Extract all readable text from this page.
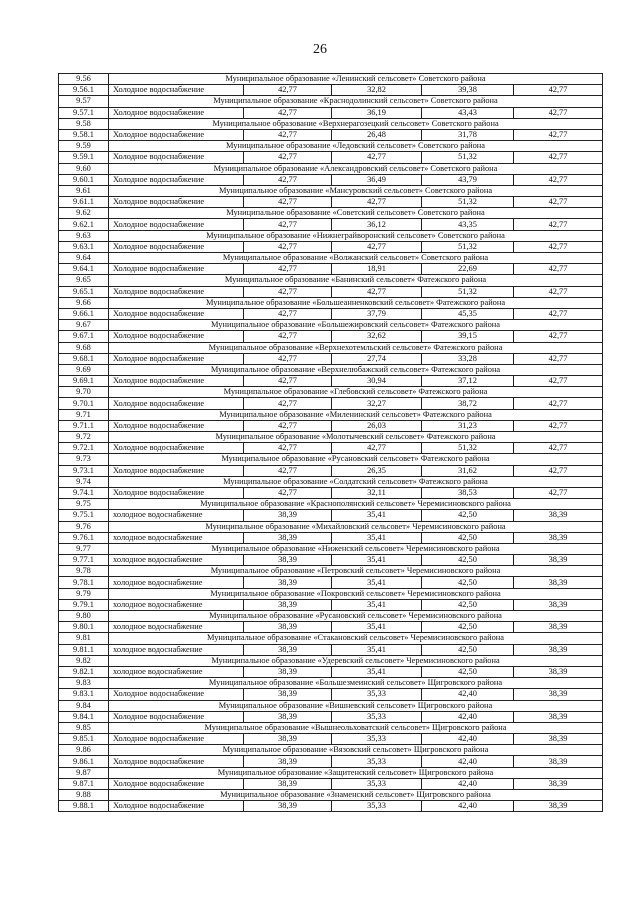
26
9.56	Муниципальное образование «Ленинский сельсовет» Советского района				
9.56.1	Холодное водоснабжение	42,77	32,82	39,38	42,77
9.57	Муниципальное образование «Краснодолинский сельсовет» Советского района				
9.57.1	Холодное водоснабжение	42,77	36,19	43,43	42,77
9.58	Муниципальное образование «Верхнерагозецкий сельсовет» Советского района				
9.58.1	Холодное водоснабжение	42,77	26,48	31,78	42,77
9.59	Муниципальное образование «Ледовский сельсовет» Советского района				
9.59.1	Холодное водоснабжение	42,77	42,77	51,32	42,77
9.60	Муниципальное образование «Александровский сельсовет» Советского района				
9.60.1	Холодное водоснабжение	42,77	36,49	43,79	42,77
9.61	Муниципальное образование «Мансуровский сельсовет» Советского района				
9.61.1	Холодное водоснабжение	42,77	42,77	51,32	42,77
9.62	Муниципальное образование «Советский сельсовет» Советского района				
9.62.1	Холодное водоснабжение	42,77	36,12	43,35	42,77
9.63	Муниципальное образование «Нижнеграйворонский сельсовет» Советского района				
9.63.1	Холодное водоснабжение	42,77	42,77	51,32	42,77
9.64	Муниципальное образование «Волжанский сельсовет» Советского района				
9.64.1	Холодное водоснабжение	42,77	18,91	22,69	42,77
9.65	Муниципальное образование «Банинский сельсовет» Фатежского района				
9.65.1	Холодное водоснабжение	42,77	42,77	51,32	42,77
9.66	Муниципальное образование «Большеанненковский сельсовет» Фатежского района				
9.66.1	Холодное водоснабжение	42,77	37,79	45,35	42,77
9.67	Муниципальное образование «Большежировский сельсовет» Фатежского района				
9.67.1	Холодное водоснабжение	42,77	32,62	39,15	42,77
9.68	Муниципальное образование «Верхнехотемльский сельсовет» Фатежского района				
9.68.1	Холодное водоснабжение	42,77	27,74	33,28	42,77
9.69	Муниципальное образование «Верхнелюбажский сельсовет» Фатежского района				
9.69.1	Холодное водоснабжение	42,77	30,94	37,12	42,77
9.70	Муниципальное образование «Глебовский сельсовет» Фатежского района				
9.70.1	Холодное водоснабжение	42,77	32,27	38,72	42,77
9.71	Муниципальное образование «Миленинский сельсовет» Фатежского района				
9.71.1	Холодное водоснабжение	42,77	26,03	31,23	42,77
9.72	Муниципальное образование «Молотычевский сельсовет» Фатежского района				
9.72.1	Холодное водоснабжение	42,77	42,77	51,32	42,77
9.73	Муниципальное образование «Русановский сельсовет» Фатежского района				
9.73.1	Холодное водоснабжение	42,77	26,35	31,62	42,77
9.74	Муниципальное образование «Солдатский сельсовет» Фатежского района				
9.74.1	Холодное водоснабжение	42,77	32,11	38,53	42,77
9.75	Муниципальное образование «Краснополянский сельсовет» Черемисиновского района				
9.75.1	холодное водоснабжение	38,39	35,41	42,50	38,39
9.76	Муниципальное образование «Михайловский сельсовет» Черемисиновского района				
9.76.1	холодное водоснабжение	38,39	35,41	42,50	38,39
9.77	Муниципальное образование «Ниженский сельсовет» Черемисиновского района				
9.77.1	холодное водоснабжение	38,39	35,41	42,50	38,39
9.78	Муниципальное образование «Петровский сельсовет» Черемисиновского района				
9.78.1	холодное водоснабжение	38,39	35,41	42,50	38,39
9.79	Муниципальное образование «Покровский сельсовет» Черемисиновского района				
9.79.1	холодное водоснабжение	38,39	35,41	42,50	38,39
9.80	Муниципальное образование «Русановский сельсовет» Черемисиновского района				
9.80.1	холодное водоснабжение	38,39	35,41	42,50	38,39
9.81	Муниципальное образование «Стакановский сельсовет» Черемисиновского района				
9.81.1	холодное водоснабжение	38,39	35,41	42,50	38,39
9.82	Муниципальное образование «Удеревский сельсовет» Черемисиновского района				
9.82.1	холодное водоснабжение	38,39	35,41	42,50	38,39
9.83	Муниципальное образование «Большезмеинский сельсовет» Щигровского района				
9.83.1	Холодное водоснабжение	38,39	35,33	42,40	38,39
9.84	Муниципальное образование «Вишневский сельсовет» Щигровского района				
9.84.1	Холодное водоснабжение	38,39	35,33	42,40	38,39
9.85	Муниципальное образование «Вышнеольховатский сельсовет» Щигровского района				
9.85.1	Холодное водоснабжение	38,39	35,33	42,40	38,39
9.86	Муниципальное образование «Вязовский сельсовет» Щигровского района				
9.86.1	Холодное водоснабжение	38,39	35,33	42,40	38,39
9.87	Муниципальное образование «Защитенский сельсовет» Щигровского района				
9.87.1	Холодное водоснабжение	38,39	35,33	42,40	38,39
9.88	Муниципальное образование «Знаменский сельсовет» Щигровского района				
9.88.1	Холодное водоснабжение	38,39	35,33	42,40	38,39
